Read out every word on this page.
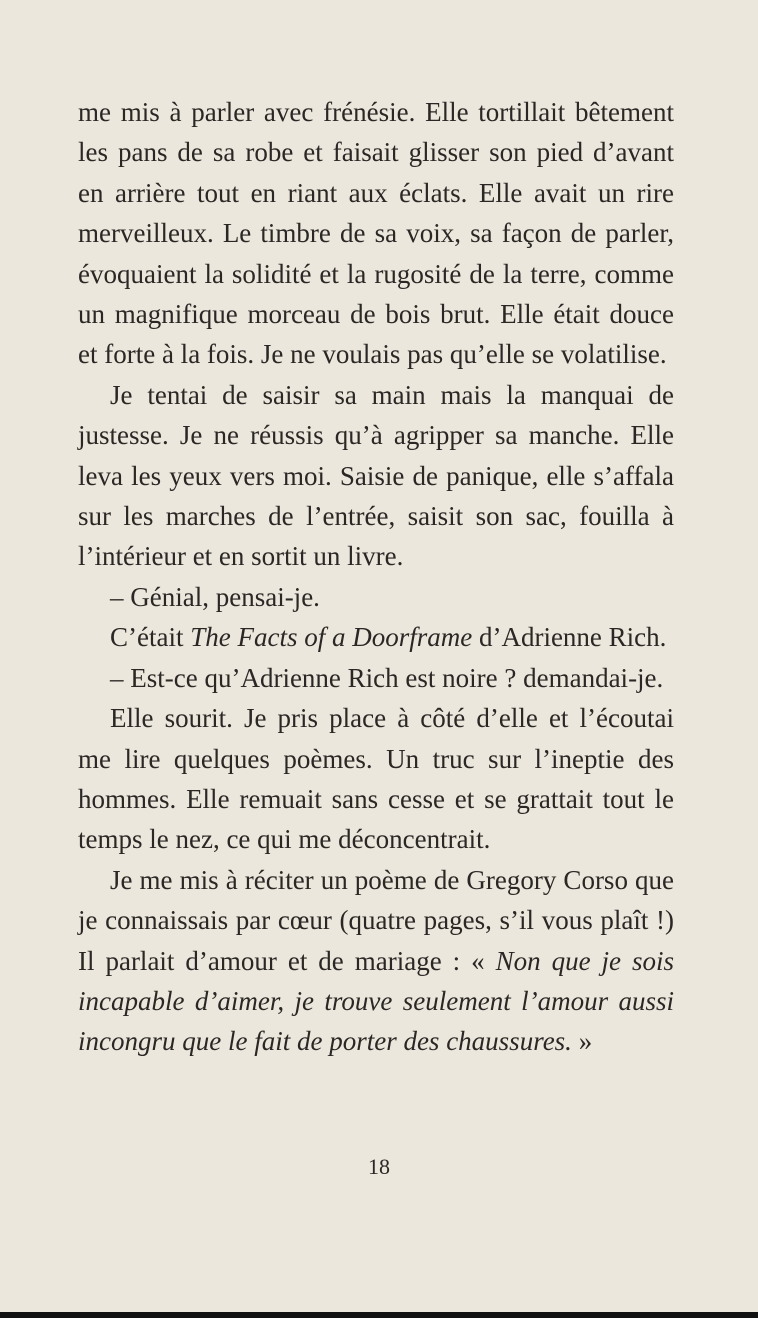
me mis à parler avec frénésie. Elle tortillait bêtement les pans de sa robe et faisait glisser son pied d’avant en arrière tout en riant aux éclats. Elle avait un rire merveilleux. Le timbre de sa voix, sa façon de parler, évoquaient la solidité et la rugosité de la terre, comme un magnifique morceau de bois brut. Elle était douce et forte à la fois. Je ne voulais pas qu’elle se volatilise.

Je tentai de saisir sa main mais la manquai de justesse. Je ne réussis qu’à agripper sa manche. Elle leva les yeux vers moi. Saisie de panique, elle s’affala sur les marches de l’entrée, saisit son sac, fouilla à l’intérieur et en sortit un livre.

– Génial, pensai-je.

C’était The Facts of a Doorframe d’Adrienne Rich.

– Est-ce qu’Adrienne Rich est noire ? demandai-je.

Elle sourit. Je pris place à côté d’elle et l’écoutai me lire quelques poèmes. Un truc sur l’ineptie des hommes. Elle remuait sans cesse et se grattait tout le temps le nez, ce qui me déconcentrait.

Je me mis à réciter un poème de Gregory Corso que je connaissais par cœur (quatre pages, s’il vous plaît !) Il parlait d’amour et de mariage : « Non que je sois incapable d’aimer, je trouve seulement l’amour aussi incongru que le fait de porter des chaussures. »

18
